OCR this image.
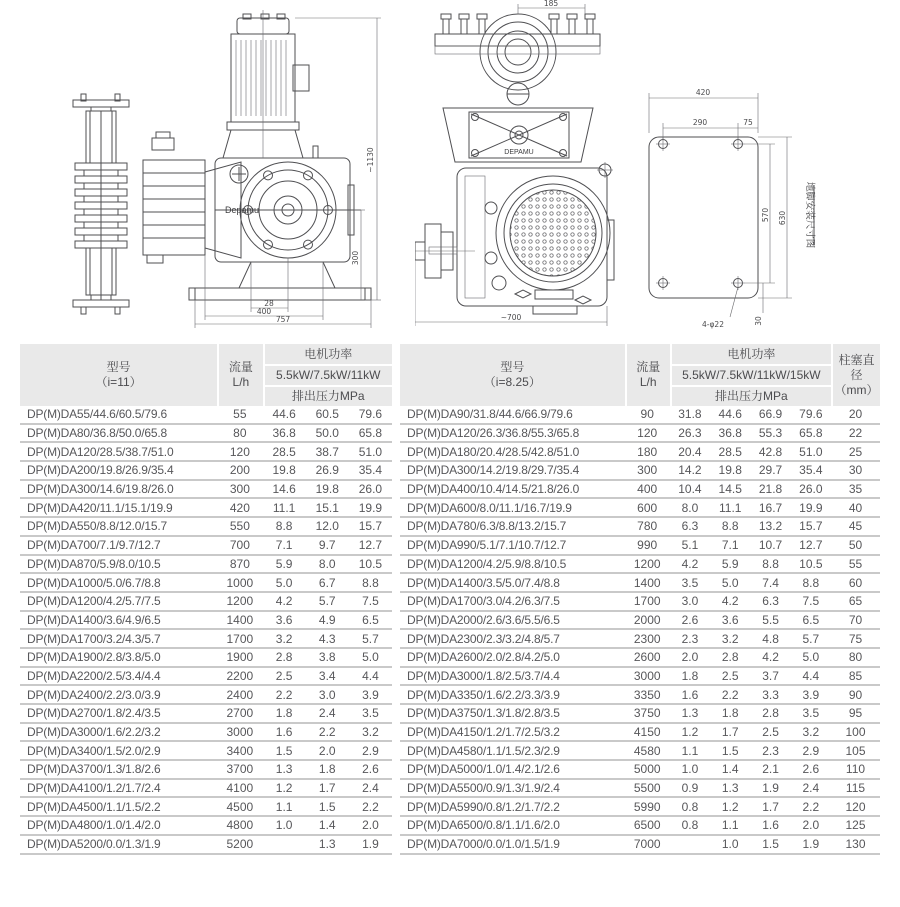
Depamu
~1130
300
28
400
757
DEPAMU
185
~700
420
290	75
570 630
30
4-φ22
地脚安装尺寸图
型号
（i=11）

流量
L/h
	电机功率
		5.5kW/7.5kW/11kW		
		排出压力MPa		
DP(M)DA55/44.6/60.5/79.6	55	44.6	60.5	79.6
DP(M)DA80/36.8/50.0/65.8	80	36.8	50.0	65.8
DP(M)DA120/28.5/38.7/51.0	120	28.5	38.7	51.0
DP(M)DA200/19.8/26.9/35.4	200	19.8	26.9	35.4
DP(M)DA300/14.6/19.8/26.0	300	14.6	19.8	26.0
DP(M)DA420/11.1/15.1/19.9	420	11.1	15.1	19.9
DP(M)DA550/8.8/12.0/15.7	550	8.8	12.0	15.7
DP(M)DA700/7.1/9.7/12.7	700	7.1	9.7	12.7
DP(M)DA870/5.9/8.0/10.5	870	5.9	8.0	10.5
DP(M)DA1000/5.0/6.7/8.8	1000	5.0	6.7	8.8
DP(M)DA1200/4.2/5.7/7.5	1200	4.2	5.7	7.5
DP(M)DA1400/3.6/4.9/6.5	1400	3.6	4.9	6.5
DP(M)DA1700/3.2/4.3/5.7	1700	3.2	4.3	5.7
DP(M)DA1900/2.8/3.8/5.0	1900	2.8	3.8	5.0
DP(M)DA2200/2.5/3.4/4.4	2200	2.5	3.4	4.4
DP(M)DA2400/2.2/3.0/3.9	2400	2.2	3.0	3.9
DP(M)DA2700/1.8/2.4/3.5	2700	1.8	2.4	3.5
DP(M)DA3000/1.6/2.2/3.2	3000	1.6	2.2	3.2
DP(M)DA3400/1.5/2.0/2.9	3400	1.5	2.0	2.9
DP(M)DA3700/1.3/1.8/2.6	3700	1.3	1.8	2.6
DP(M)DA4100/1.2/1.7/2.4	4100	1.2	1.7	2.4
DP(M)DA4500/1.1/1.5/2.2	4500	1.1	1.5	2.2
DP(M)DA4800/1.0/1.4/2.0	4800	1.0	1.4	2.0
DP(M)DA5200/0.0/1.3/1.9	5200		1.3	1.9
型号
（i=8.25）

流量
L/h
	电机功率	柱塞直径
（mm）

		5.5kW/7.5kW/11kW/15kW				
		排出压力MPa				
DP(M)DA90/31.8/44.6/66.9/79.6	90	31.8	44.6	66.9	79.6	20
DP(M)DA120/26.3/36.8/55.3/65.8	120	26.3	36.8	55.3	65.8	22
DP(M)DA180/20.4/28.5/42.8/51.0	180	20.4	28.5	42.8	51.0	25
DP(M)DA300/14.2/19.8/29.7/35.4	300	14.2	19.8	29.7	35.4	30
DP(M)DA400/10.4/14.5/21.8/26.0	400	10.4	14.5	21.8	26.0	35
DP(M)DA600/8.0/11.1/16.7/19.9	600	8.0	11.1	16.7	19.9	40
DP(M)DA780/6.3/8.8/13.2/15.7	780	6.3	8.8	13.2	15.7	45
DP(M)DA990/5.1/7.1/10.7/12.7	990	5.1	7.1	10.7	12.7	50
DP(M)DA1200/4.2/5.9/8.8/10.5	1200	4.2	5.9	8.8	10.5	55
DP(M)DA1400/3.5/5.0/7.4/8.8	1400	3.5	5.0	7.4	8.8	60
DP(M)DA1700/3.0/4.2/6.3/7.5	1700	3.0	4.2	6.3	7.5	65
DP(M)DA2000/2.6/3.6/5.5/6.5	2000	2.6	3.6	5.5	6.5	70
DP(M)DA2300/2.3/3.2/4.8/5.7	2300	2.3	3.2	4.8	5.7	75
DP(M)DA2600/2.0/2.8/4.2/5.0	2600	2.0	2.8	4.2	5.0	80
DP(M)DA3000/1.8/2.5/3.7/4.4	3000	1.8	2.5	3.7	4.4	85
DP(M)DA3350/1.6/2.2/3.3/3.9	3350	1.6	2.2	3.3	3.9	90
DP(M)DA3750/1.3/1.8/2.8/3.5	3750	1.3	1.8	2.8	3.5	95
DP(M)DA4150/1.2/1.7/2.5/3.2	4150	1.2	1.7	2.5	3.2	100
DP(M)DA4580/1.1/1.5/2.3/2.9	4580	1.1	1.5	2.3	2.9	105
DP(M)DA5000/1.0/1.4/2.1/2.6	5000	1.0	1.4	2.1	2.6	110
DP(M)DA5500/0.9/1.3/1.9/2.4	5500	0.9	1.3	1.9	2.4	115
DP(M)DA5990/0.8/1.2/1.7/2.2	5990	0.8	1.2	1.7	2.2	120
DP(M)DA6500/0.8/1.1/1.6/2.0	6500	0.8	1.1	1.6	2.0	125
DP(M)DA7000/0.0/1.0/1.5/1.9	7000		1.0	1.5	1.9	130
